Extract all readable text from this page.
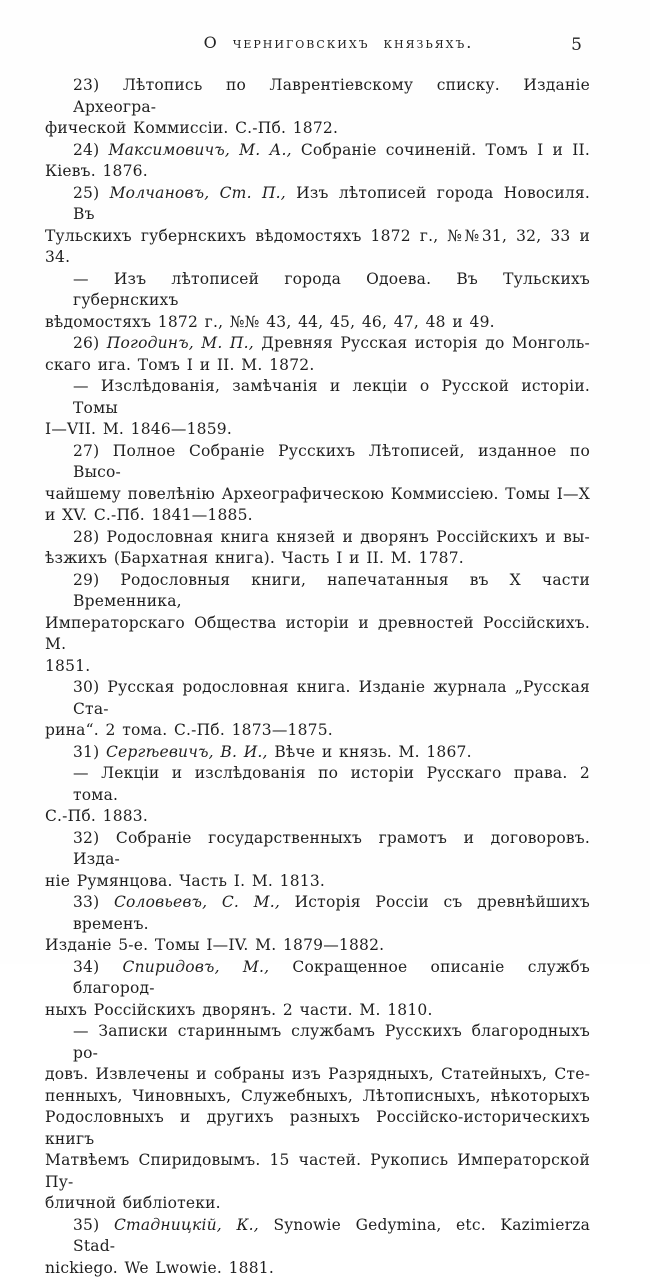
О черниговскихъ князьяхъ.	5
23) Лѣтопись по Лаврентіевскому списку. Изданіе Археогра-
фической Коммиссіи. С.-Пб. 1872.
24) Максимовичъ, М. А., Собраніе сочиненій. Томъ I и II.
Кіевъ. 1876.
25) Молчановъ, Ст. П., Изъ лѣтописей города Новосиля. Въ
Тульскихъ губернскихъ вѣдомостяхъ 1872 г., №№31, 32, 33 и 34.
— Изъ лѣтописей города Одоева. Въ Тульскихъ губернскихъ
вѣдомостяхъ 1872 г., №№ 43, 44, 45, 46, 47, 48 и 49.
26) Погодинъ, М. П., Древняя Русская исторія до Монголь-
скаго ига. Томъ I и II. М. 1872.
— Изслѣдованія, замѣчанія и лекціи о Русской исторіи. Томы
I—VII. М. 1846—1859.
27) Полное Собраніе Русскихъ Лѣтописей, изданное по Высо-
чайшему повелѣнію Археографическою Коммиссіею. Томы I—X
и XV. С.-Пб. 1841—1885.
28) Родословная книга князей и дворянъ Россійскихъ и вы-
ѣзжихъ (Бархатная книга). Часть I и II. М. 1787.
29) Родословныя книги, напечатанныя въ X части Временника,
Императорскаго Общества исторіи и древностей Россійскихъ. М.
1851.
30) Русская родословная книга. Изданіе журнала „Русская Ста-
рина“. 2 тома. С.-Пб. 1873—1875.
31) Сергѣевичъ, В. И., Вѣче и князь. М. 1867.
— Лекціи и изслѣдованія по исторіи Русскаго права. 2 тома.
С.-Пб. 1883.
32) Собраніе государственныхъ грамотъ и договоровъ. Изда-
ніе Румянцова. Часть I. М. 1813.
33) Соловьевъ, С. М., Исторія Россіи съ древнѣйшихъ временъ.
Изданіе 5-е. Томы I—IV. М. 1879—1882.
34) Спиридовъ, М., Сокращенное описаніе службъ благород-
ныхъ Россійскихъ дворянъ. 2 части. М. 1810.
— Записки стариннымъ службамъ Русскихъ благородныхъ ро-
довъ. Извлечены и собраны изъ Разрядныхъ, Статейныхъ, Сте-
пенныхъ, Чиновныхъ, Служебныхъ, Лѣтописныхъ, нѣкоторыхъ
Родословныхъ и другихъ разныхъ Россійско-историческихъ книгъ
Матвѣемъ Спиридовымъ. 15 частей. Рукопись Императорской Пу-
бличной библіотеки.
35) Стадницкій, К., Synowie Gedymina, etc. Kazimierza Stad-
nickiego. We Lwowie. 1881.
